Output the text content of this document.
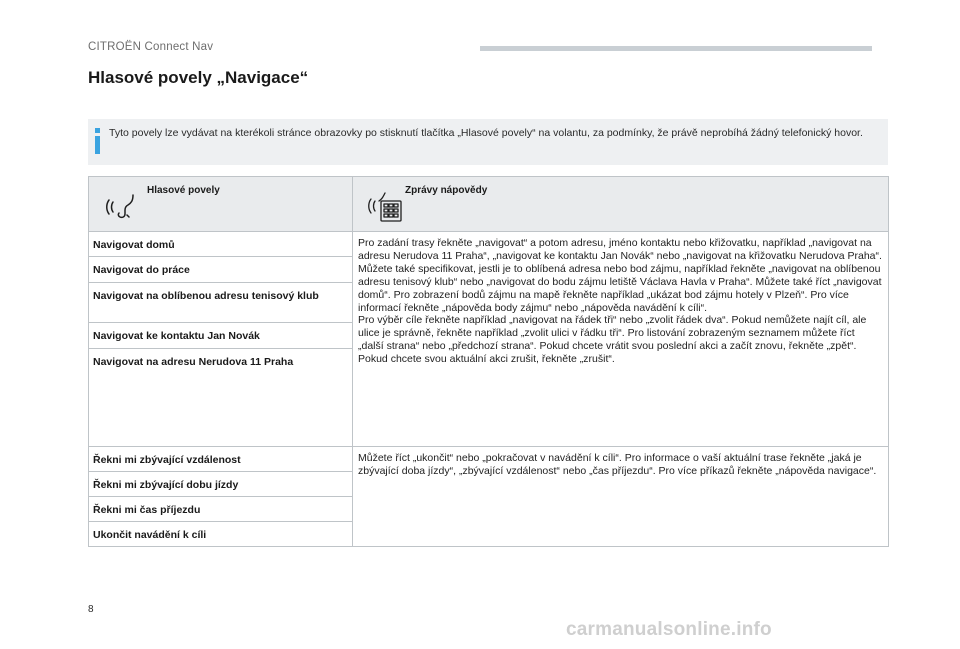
CITROËN Connect Nav
Hlasové povely „Navigace“

Tyto povely lze vydávat na kterékoli stránce obrazovky po stisknutí tlačítka „Hlasové povely“ na volantu, za podmínky, že právě neprobíhá žádný telefonický hovor.

Hlasové povely	Zprávy nápovědy

Navigovat domů	Pro zadání trasy řekněte „navigovat“ a potom adresu, jméno kontaktu nebo křižovatku, například „navigovat na adresu Nerudova 11 Praha“, „navigovat ke kontaktu Jan Novák“ nebo „navigovat na křižovatku Nerudova Praha“. Můžete také specifikovat, jestli je to oblíbená adresa nebo bod zájmu, například řekněte „navigovat na oblíbenou adresu tenisový klub“ nebo „navigovat do bodu zájmu letiště Václava Havla v Praha“. Můžete také říct „navigovat domů“. Pro zobrazení bodů zájmu na mapě řekněte například „ukázat bod zájmu hotely v Plzeň“. Pro více informací řekněte „nápověda body zájmu“ nebo „nápověda navádění k cíli“.
Pro výběr cíle řekněte například „navigovat na řádek tři“ nebo „zvolit řádek dva“. Pokud nemůžete najít cíl, ale ulice je správně, řekněte například „zvolit ulici v řádku tři“. Pro listování zobrazeným seznamem můžete říct „další strana“ nebo „předchozí strana“. Pokud chcete vrátit svou poslední akci a začít znovu, řekněte „zpět“. Pokud chcete svou aktuální akci zrušit, řekněte „zrušit“.

Navigovat do práce	
Navigovat na oblíbenou adresu tenisový klub	
Navigovat ke kontaktu Jan Novák	
Navigovat na adresu Nerudova 11 Praha	
Řekni mi zbývající vzdálenost	Můžete říct „ukončit“ nebo „pokračovat v navádění k cíli“. Pro informace o vaší aktuální trase řekněte „jaká je zbývající doba jízdy“, „zbývající vzdálenost“ nebo „čas příjezdu“. Pro více příkazů řekněte „nápověda navigace“.

Řekni mi zbývající dobu jízdy	
Řekni mi čas příjezdu	
Ukončit navádění k cíli	
8
carmanualsonline.info
